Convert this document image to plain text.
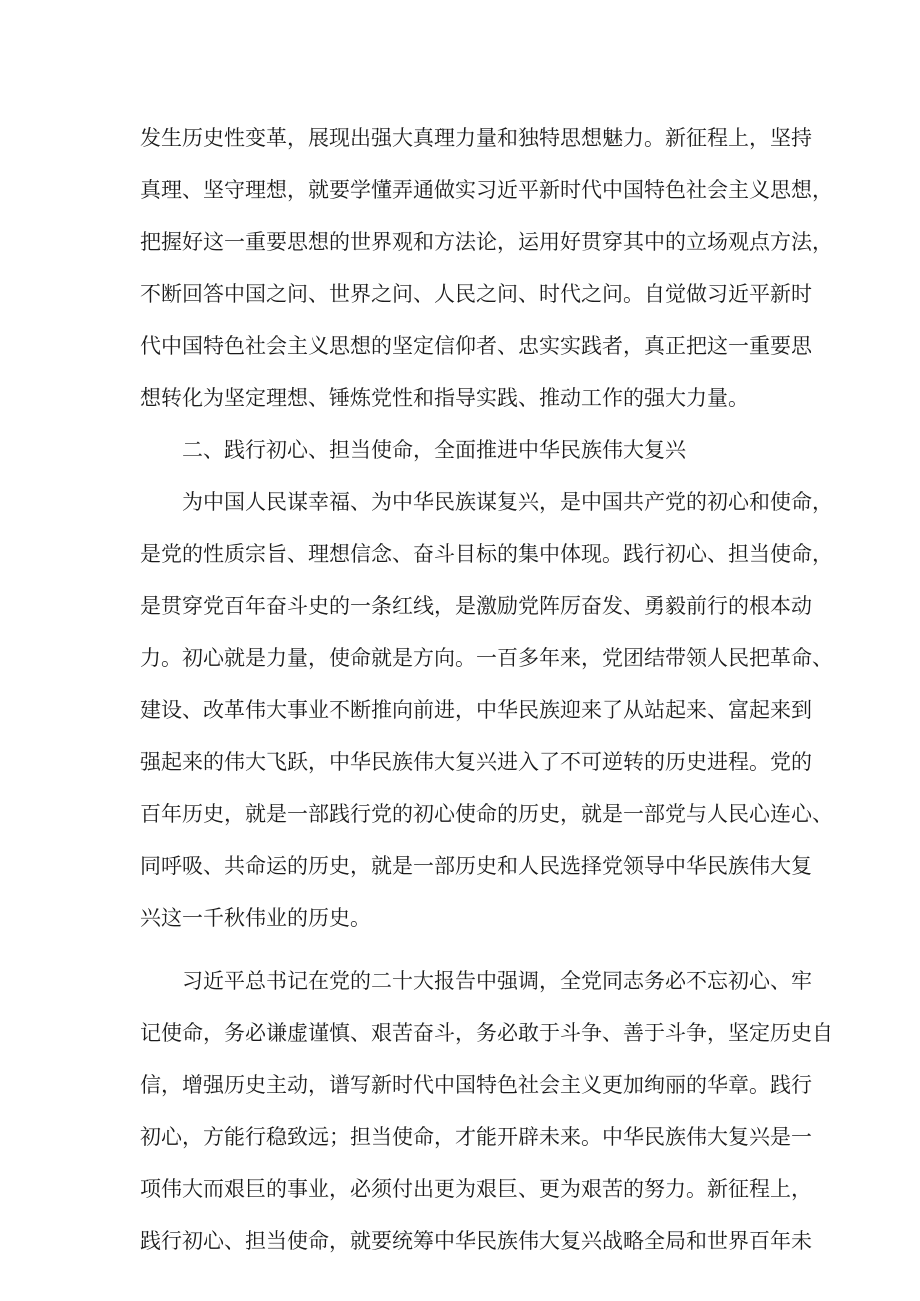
发生历史性变革，展现出强大真理力量和独特思想魅力。新征程上，坚持
真理、坚守理想，就要学懂弄通做实习近平新时代中国特色社会主义思想，
把握好这一重要思想的世界观和方法论，运用好贯穿其中的立场观点方法，
不断回答中国之问、世界之问、人民之问、时代之问。自觉做习近平新时
代中国特色社会主义思想的坚定信仰者、忠实实践者，真正把这一重要思
想转化为坚定理想、锤炼党性和指导实践、推动工作的强大力量。
二、践行初心、担当使命，全面推进中华民族伟大复兴
为中国人民谋幸福、为中华民族谋复兴，是中国共产党的初心和使命，
是党的性质宗旨、理想信念、奋斗目标的集中体现。践行初心、担当使命，
是贯穿党百年奋斗史的一条红线，是激励党阵厉奋发、勇毅前行的根本动
力。初心就是力量，使命就是方向。一百多年来，党团结带领人民把革命、
建设、改革伟大事业不断推向前进，中华民族迎来了从站起来、富起来到
强起来的伟大飞跃，中华民族伟大复兴进入了不可逆转的历史进程。党的
百年历史，就是一部践行党的初心使命的历史，就是一部党与人民心连心、
同呼吸、共命运的历史，就是一部历史和人民选择党领导中华民族伟大复
兴这一千秋伟业的历史。
习近平总书记在党的二十大报告中强调，全党同志务必不忘初心、牢
记使命，务必谦虚谨慎、艰苦奋斗，务必敢于斗争、善于斗争，坚定历史自
信，增强历史主动，谱写新时代中国特色社会主义更加绚丽的华章。践行
初心，方能行稳致远；担当使命，才能开辟未来。中华民族伟大复兴是一
项伟大而艰巨的事业，必须付出更为艰巨、更为艰苦的努力。新征程上，
践行初心、担当使命，就要统筹中华民族伟大复兴战略全局和世界百年未
